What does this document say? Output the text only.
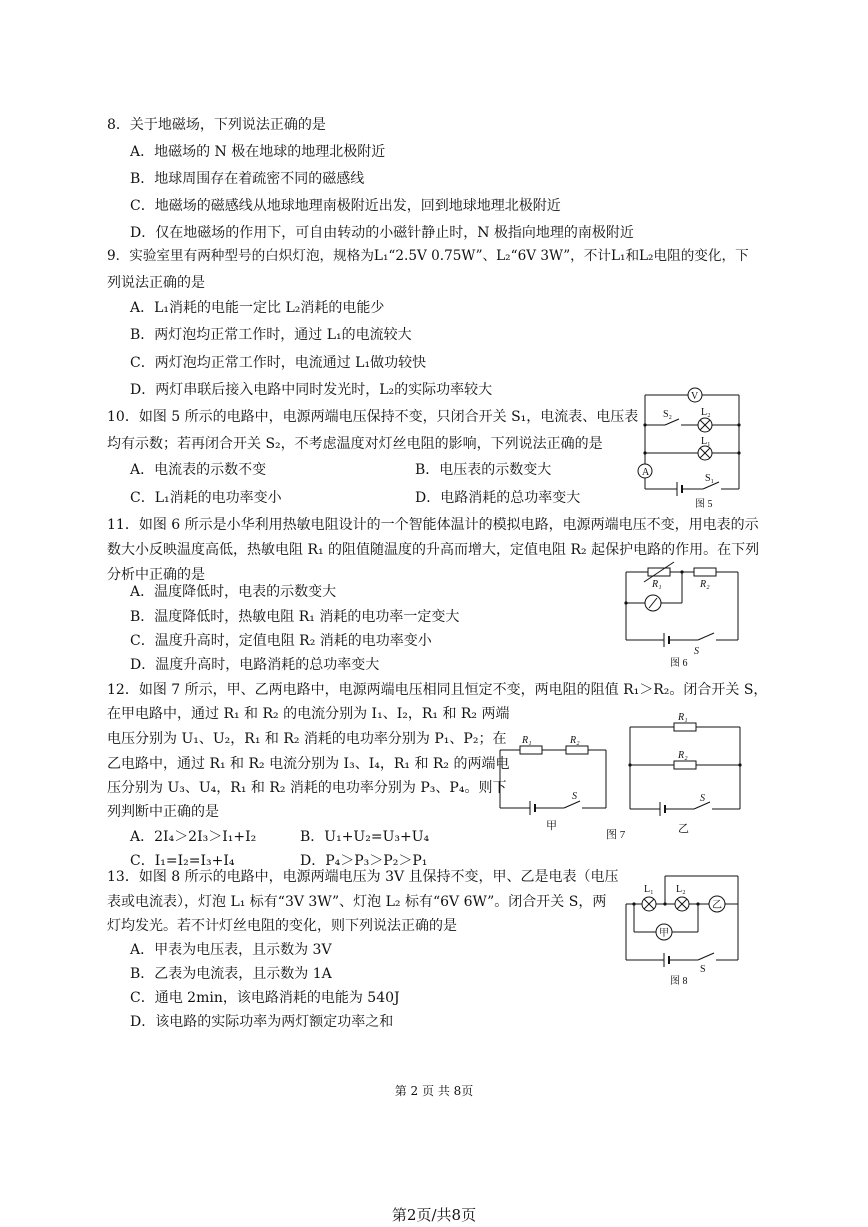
8．关于地磁场，下列说法正确的是
A．地磁场的 N 极在地球的地理北极附近
B．地球周围存在着疏密不同的磁感线
C．地磁场的磁感线从地球地理南极附近出发，回到地球地理北极附近
D．仅在地磁场的作用下，可自由转动的小磁针静止时，N 极指向地理的南极附近
9．实验室里有两种型号的白炽灯泡，规格为L₁“2.5V 0.75W”、L₂“6V 3W”，不计L₁和L₂电阻的变化，下
列说法正确的是
A．L₁消耗的电能一定比 L₂消耗的电能少
B．两灯泡均正常工作时，通过 L₁的电流较大
C．两灯泡均正常工作时，电流通过 L₁做功较快
D．两灯串联后接入电路中同时发光时，L₂的实际功率较大
10．如图 5 所示的电路中，电源两端电压保持不变，只闭合开关 S₁，电流表、电压表
均有示数；若再闭合开关 S₂，不考虑温度对灯丝电阻的影响，下列说法正确的是
A．电流表的示数不变	B．电压表的示数变大
C．L₁消耗的电功率变小	D．电路消耗的总功率变大
V
A
S₂	L₂
L₁
S₁
图 5
11．如图 6 所示是小华利用热敏电阻设计的一个智能体温计的模拟电路，电源两端电压不变，用电表的示
数大小反映温度高低，热敏电阻 R₁ 的阻值随温度的升高而增大，定值电阻 R₂ 起保护电路的作用。在下列
分析中正确的是
A．温度降低时，电表的示数变大
B．温度降低时，热敏电阻 R₁ 消耗的电功率一定变大
C．温度升高时，定值电阻 R₂ 消耗的电功率变小
D．温度升高时，电路消耗的总功率变大
R₁	R₂
S
图 6
12．如图 7 所示，甲、乙两电路中，电源两端电压相同且恒定不变，两电阻的阻值 R₁＞R₂。闭合开关 S，
在甲电路中，通过 R₁ 和 R₂ 的电流分别为 I₁、I₂，R₁ 和 R₂ 两端
电压分别为 U₁、U₂，R₁ 和 R₂ 消耗的电功率分别为 P₁、P₂；在
乙电路中，通过 R₁ 和 R₂ 电流分别为 I₃、I₄，R₁ 和 R₂ 的两端电
压分别为 U₃、U₄，R₁ 和 R₂ 消耗的电功率分别为 P₃、P₄。则下
列判断中正确的是
A．2I₄＞2I₃＞I₁+I₂	B．U₁+U₂=U₃+U₄
C．I₁=I₂=I₃+I₄	D．P₄＞P₃＞P₂＞P₁
R₁	R₂
S
R₁
R₂
S
甲
图 7	乙
13．如图 8 所示的电路中，电源两端电压为 3V 且保持不变，甲、乙是电表（电压
表或电流表），灯泡 L₁ 标有“3V 3W”、灯泡 L₂ 标有“6V 6W”。闭合开关 S，两
灯均发光。若不计灯丝电阻的变化，则下列说法正确的是
A．甲表为电压表，且示数为 3V
B．乙表为电流表，且示数为 1A
C．通电 2min，该电路消耗的电能为 540J
D．该电路的实际功率为两灯额定功率之和
L₁ L₂
乙
甲
S
图 8
第 2 页 共 8页
第2页/共8页
